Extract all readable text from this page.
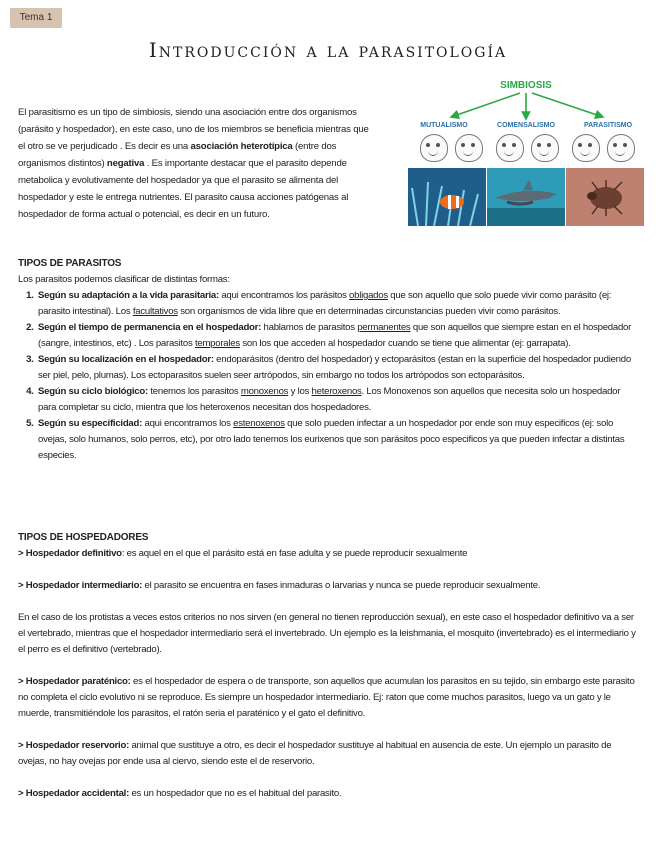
Tema 1
Introducción a la parasitología
El parasitismo es un tipo de simbiosis, siendo una asociación entre dos organismos (parásito y hospedador), en este caso, uno de los miembros se beneficia mientras que el otro se ve perjudicado . Es decir es una asociación heterotípica (entre dos organismos distintos) negativa . Es importante destacar que el parasito depende metabolica y evolutivamente del hospedador ya que el parasito se alimenta del hospedador y este le entrega nutrientes. El parasito causa acciones patógenas al hospedador de forma actual o potencial, es decir en un futuro.
SIMBIOSIS
MUTUALISMO	COMENSALISMO	PARASITISMO
TIPOS DE PARASITOS

Los parasitos podemos clasificar de distintas formas:

1. Según su adaptación a la vida parasitaria: aqui encontramos los parásitos obligados que son aquello que solo puede vivir como parásito (ej: parasito intestinal). Los facultativos son organismos de vida libre que en determinadas circunstancias pueden vivir como parásitos.
2. Según el tiempo de permanencia en el hospedador: hablamos de parasitos permanentes que son aquellos que siempre estan en el hospedador (sangre, intestinos, etc) . Los parasitos temporales son los que acceden al hospedador cuando se tiene que alimentar (ej: garrapata).
3. Según su localización en el hospedador: endoparásitos (dentro del hospedador) y ectoparásitos (estan en la superficie del hospedador pudiendo ser piel, pelo, plumas). Los ectoparasitos suelen seer artrópodos, sin embargo no todos los artrópodos son ectoparásitos.
4. Según su ciclo biológico: tenemos los parasitos monoxenos y los heteroxenos. Los Monoxenos son aquellos que necesita solo un hospedador para completar su ciclo, mientra que los heteroxenos necesitan dos hospedadores.
5. Según su especificidad: aqui encontramos los estenoxenos que solo pueden infectar a un hospedador por ende son muy especificos (ej: solo ovejas, solo humanos, solo perros, etc), por otro lado tenemos los eurixenos que son parásitos poco especificos ya que pueden infectar a distintas especies.
TIPOS DE HOSPEDADORES

> Hospedador definitivo: es aquel en el que el parásito está en fase adulta y se puede reproducir sexualmente

> Hospedador intermediario: el parasito se encuentra en fases inmaduras o larvarias y nunca se puede reproducir sexualmente.

En el caso de los protistas a veces estos criterios no nos sirven (en general no tienen reproducción sexual), en este caso el hospedador definitivo va a ser el vertebrado, mientras que el hospedador intermediario será el invertebrado. Un ejemplo es la leishmania, el mosquito (invertebrado) es el intermediario y el perro es el definitivo (vertebrado).

> Hospedador paraténico: es el hospedador de espera o de transporte, son aquellos que acumulan los parasitos en su tejido, sin embargo este parasito no completa el ciclo evolutivo ni se reproduce. Es siempre un hospedador intermediario. Ej: raton que come muchos parasitos, luego va un gato y le muerde, transmitiéndole los parasitos, el ratón seria el paraténico y el gato el definitivo.

> Hospedador reservorio: animal que sustituye a otro, es decir el hospedador sustituye al habitual en ausencia de este. Un ejemplo un parasito de ovejas, no hay ovejas por ende usa al ciervo, siendo este el de reservorio.

> Hospedador accidental: es un hospedador que no es el habitual del parasito.
